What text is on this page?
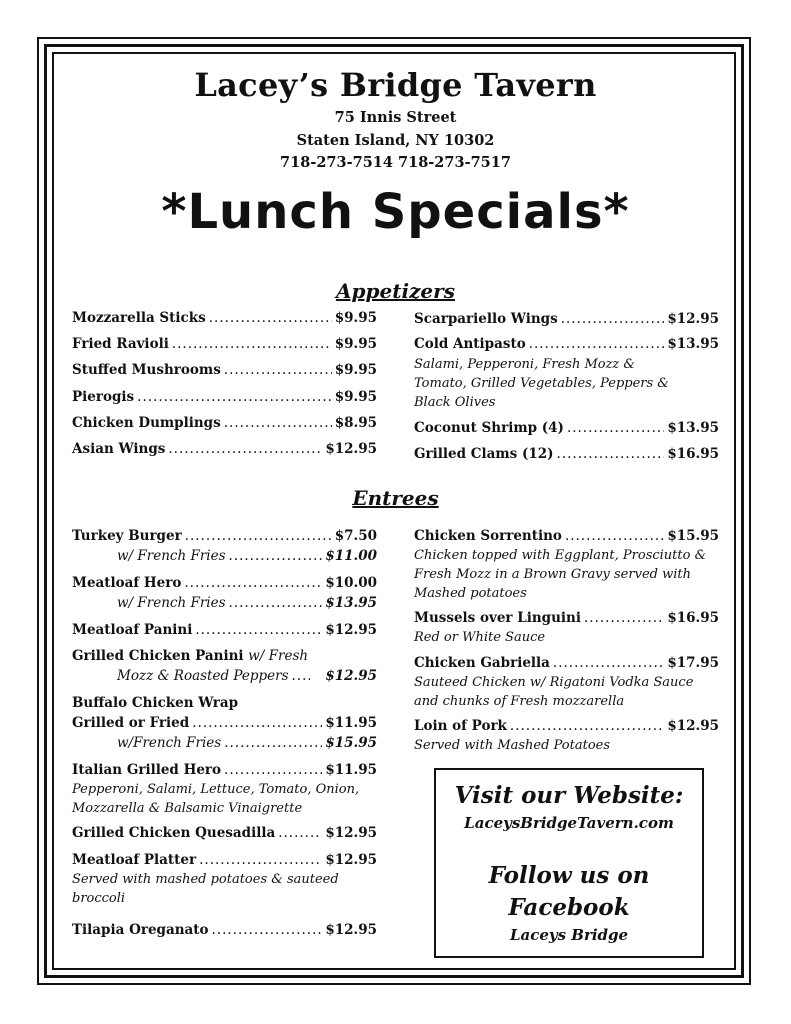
Lacey’s Bridge Tavern
75 Innis Street
Staten Island, NY 10302
718-273-7514 718-273-7517
*Lunch Specials*
Appetizers
Mozzarella Sticks .....	$9.95
Fried Ravioli .....	$9.95
Stuffed Mushrooms .....	$9.95
Pierogis .....	$9.95
Chicken Dumplings .....	$8.95
Asian Wings .....	$12.95
Scarpariello Wings .....	$12.95
Cold Antipasto .....	$13.95
Salami, Pepperoni, Fresh Mozz & Tomato, Grilled Vegetables, Peppers & Black Olives
Coconut Shrimp (4) .....	$13.95
Grilled Clams (12) .....	$16.95
Entrees
Turkey Burger .....	$7.50
w/ French Fries .....	$11.00
Meatloaf Hero .....	$10.00
w/ French Fries .....	$13.95
Meatloaf Panini .....	$12.95
Grilled Chicken Panini w/ Fresh
Mozz & Roasted Peppers .....	$12.95
Buffalo Chicken Wrap
Grilled or Fried .....	$11.95
w/French Fries .....	$15.95
Italian Grilled Hero .....	$11.95
Pepperoni, Salami, Lettuce, Tomato, Onion, Mozzarella & Balsamic Vinaigrette
Grilled Chicken Quesadilla .....	$12.95
Meatloaf Platter .....	$12.95
Served with mashed potatoes & sauteed broccoli
Tilapia Oreganato .....	$12.95
Chicken Sorrentino .....	$15.95
Chicken topped with Eggplant, Prosciutto & Fresh Mozz in a Brown Gravy served with Mashed potatoes
Mussels over Linguini .....	$16.95
Red or White Sauce
Chicken Gabriella .....	$17.95
Sauteed Chicken w/ Rigatoni Vodka Sauce and chunks of Fresh mozzarella
Loin of Pork .....	$12.95
Served with Mashed Potatoes
Visit our Website:
LaceysBridgeTavern.com
Follow us on
Facebook
Laceys Bridge
